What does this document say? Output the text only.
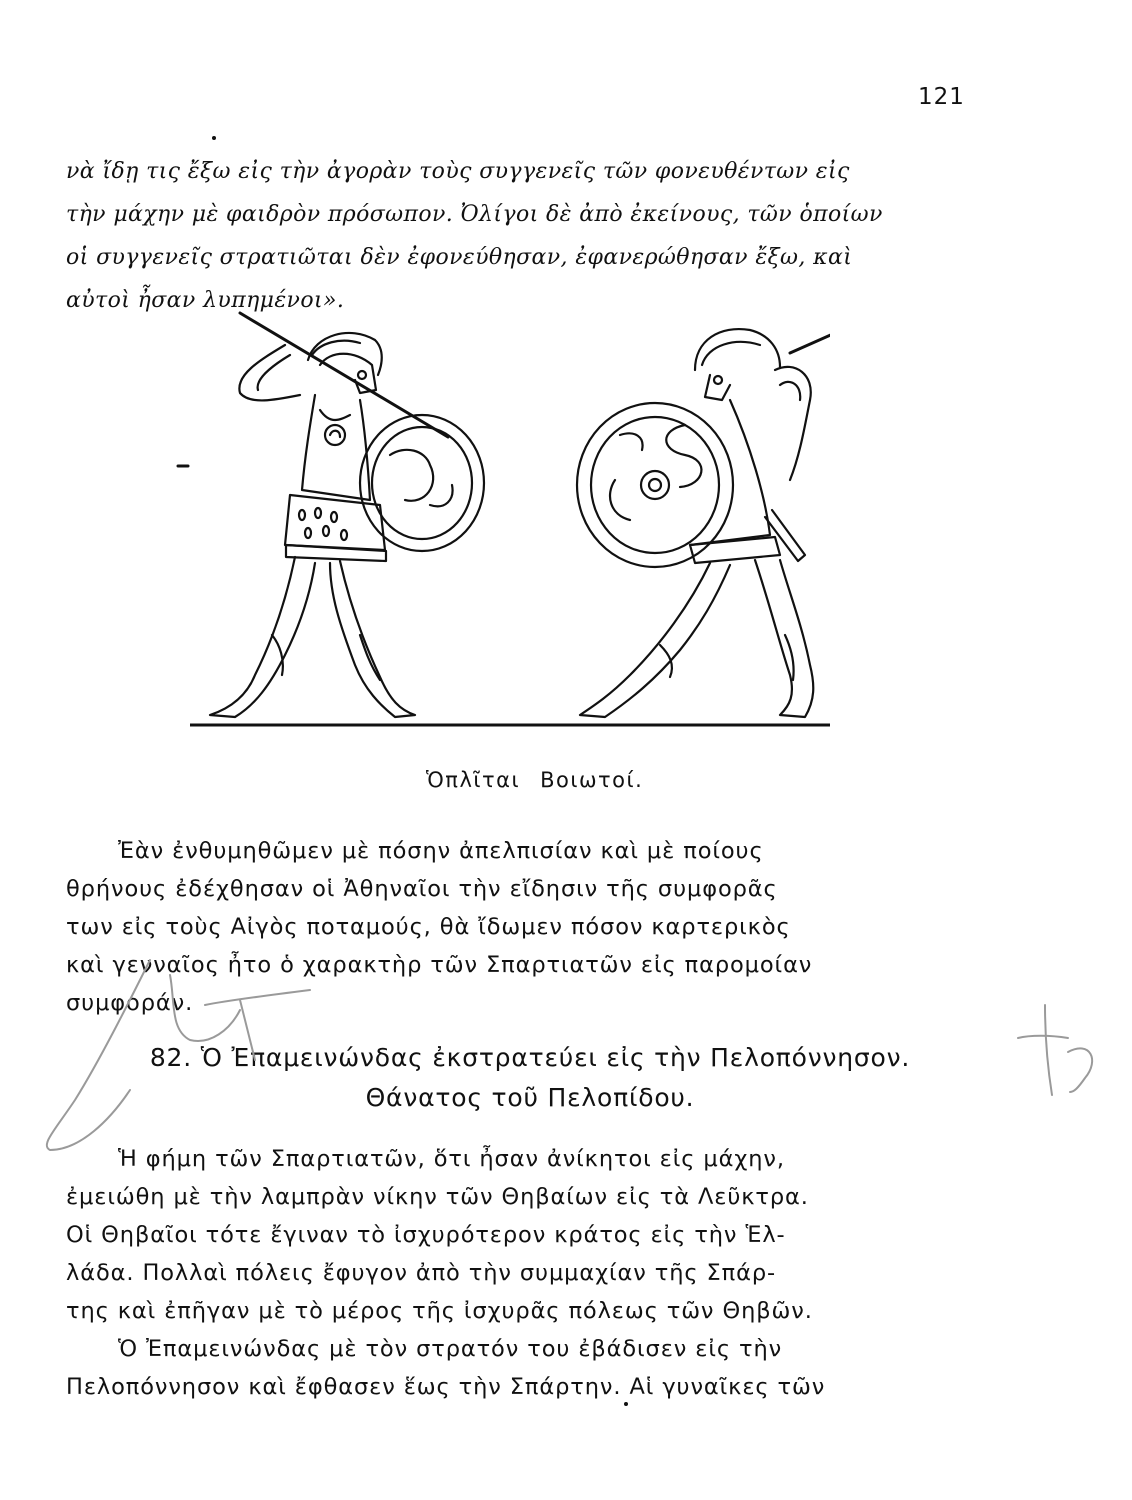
121
νὰ ἴδῃ τις ἔξω εἰς τὴν ἀγορὰν τοὺς συγγενεῖς τῶν φονευθέντων εἰς
τὴν μάχην μὲ φαιδρὸν πρόσωπον. Ὀλίγοι δὲ ἀπὸ ἐκείνους, τῶν ὁποίων
οἱ συγγενεῖς στρατιῶται δὲν ἐφονεύθησαν, ἐφανερώθησαν ἔξω, καὶ
αὐτοὶ ἦσαν λυπημένοι».
Ὁπλῖται Βοιωτοί.
Ἐὰν ἐνθυμηθῶμεν μὲ πόσην ἀπελπισίαν καὶ μὲ ποίους
θρήνους ἐδέχθησαν οἱ Ἀθηναῖοι τὴν εἴδησιν τῆς συμφορᾶς
των εἰς τοὺς Αἰγὸς ποταμούς, θὰ ἴδωμεν πόσον καρτερικὸς
καὶ γενναῖος ἦτο ὁ χαρακτὴρ τῶν Σπαρτιατῶν εἰς παρομοίαν
συμφοράν.
82. Ὁ Ἐπαμεινώνδας ἐκστρατεύει εἰς τὴν Πελοπόννησον.
Θάνατος τοῦ Πελοπίδου.
Ἡ φήμη τῶν Σπαρτιατῶν, ὅτι ἦσαν ἀνίκητοι εἰς μάχην,
ἐμειώθη μὲ τὴν λαμπρὰν νίκην τῶν Θηβαίων εἰς τὰ Λεῦκτρα.
Οἱ Θηβαῖοι τότε ἔγιναν τὸ ἰσχυρότερον κράτος εἰς τὴν Ἑλ-
λάδα. Πολλαὶ πόλεις ἔφυγον ἀπὸ τὴν συμμαχίαν τῆς Σπάρ-
της καὶ ἐπῆγαν μὲ τὸ μέρος τῆς ἰσχυρᾶς πόλεως τῶν Θηβῶν.
Ὁ Ἐπαμεινώνδας μὲ τὸν στρατόν του ἐβάδισεν εἰς τὴν
Πελοπόννησον καὶ ἔφθασεν ἕως τὴν Σπάρτην. Αἱ γυναῖκες τῶν
